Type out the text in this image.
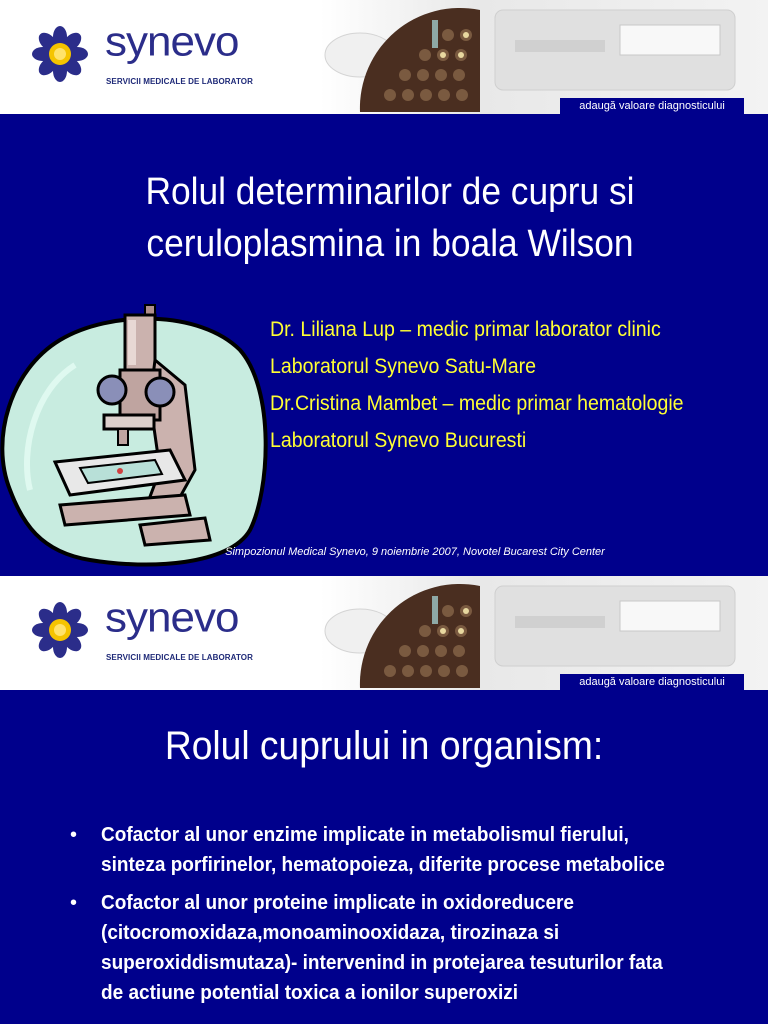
synevo
SERVICII MEDICALE DE LABORATOR
adaugă valoare diagnosticului
Rolul determinarilor de cupru si
ceruloplasmina in boala Wilson
Dr. Liliana Lup – medic primar laborator clinic
Laboratorul Synevo Satu-Mare
Dr.Cristina Mambet – medic primar hematologie
Laboratorul Synevo Bucuresti
Simpozionul Medical Synevo, 9 noiembrie 2007, Novotel Bucarest City Center
synevo
SERVICII MEDICALE DE LABORATOR
adaugă valoare diagnosticului
Rolul cuprului in organism:
• Cofactor al unor enzime implicate in metabolismul fierului, sinteza porfirinelor, hematopoieza, diferite procese metabolice
• Cofactor al unor proteine implicate in oxidoreducere (citocromoxidaza,monoaminooxidaza, tirozinaza si superoxiddismutaza)- intervenind in protejarea tesuturilor fata de actiune potential toxica a ionilor superoxizi
